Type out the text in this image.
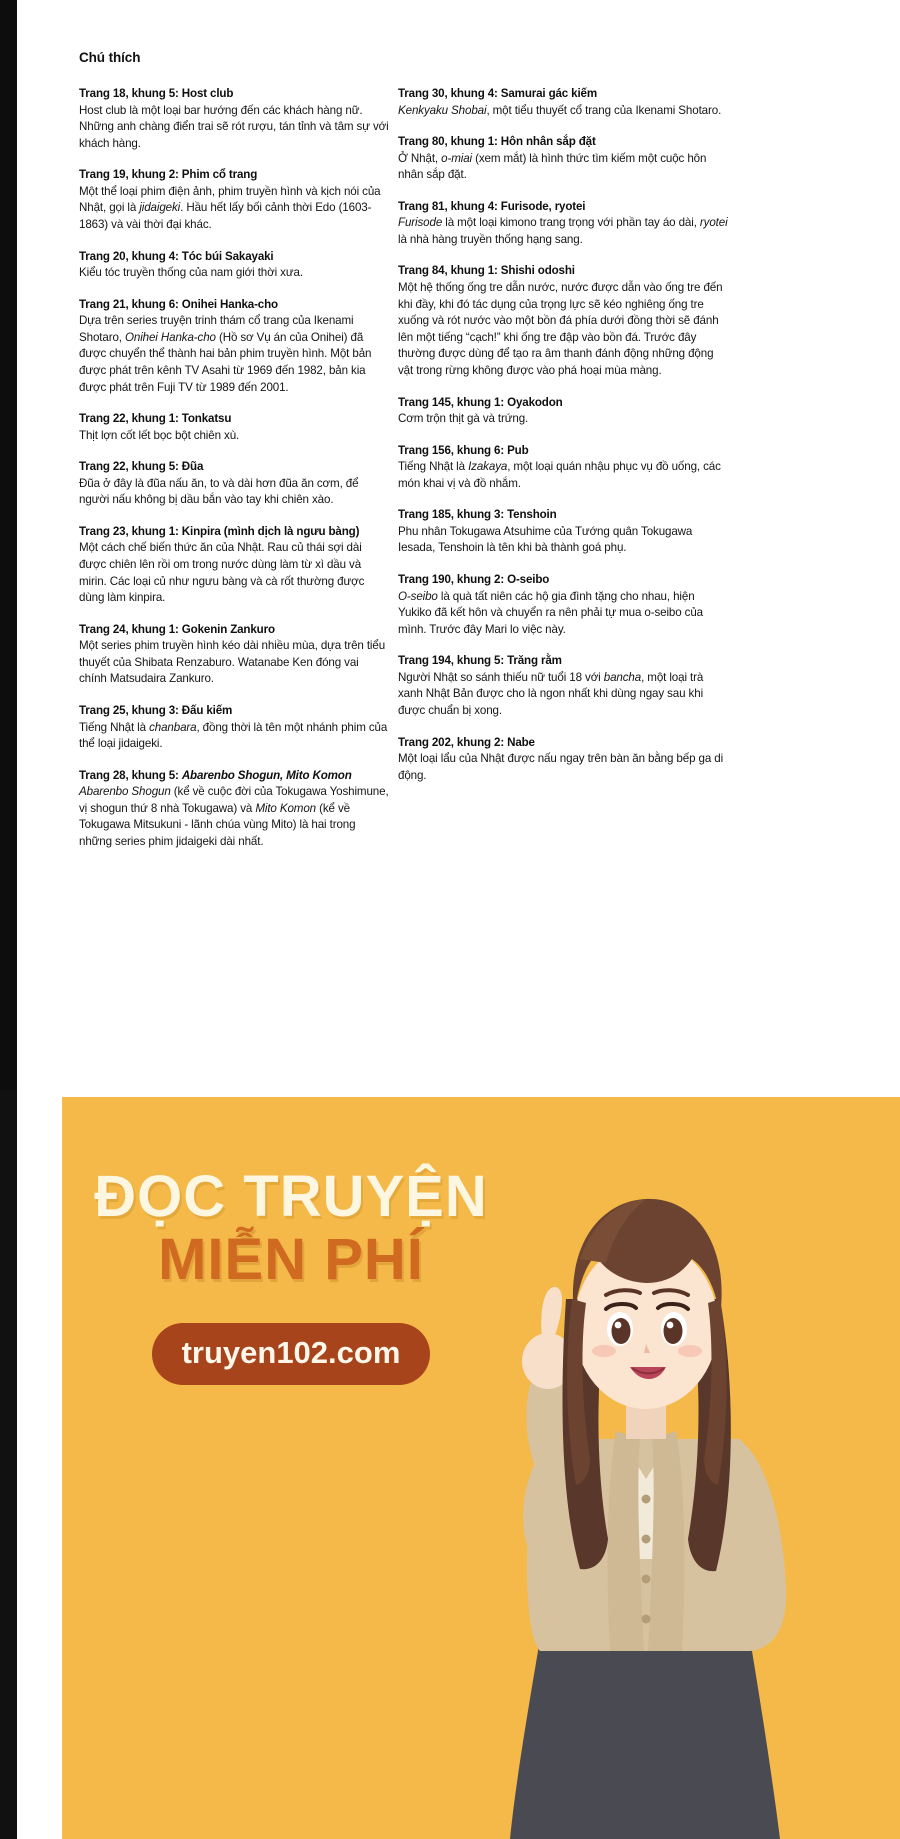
Chú thích
Trang 18, khung 5: Host club
Host club là một loại bar hướng đến các khách hàng nữ. Những anh chàng điển trai sẽ rót rượu, tán tỉnh và tâm sự với khách hàng.
Trang 19, khung 2: Phim cổ trang
Một thể loại phim điện ảnh, phim truyền hình và kịch nói của Nhật, gọi là jidaigeki. Hầu hết lấy bối cảnh thời Edo (1603-1863) và vài thời đại khác.
Trang 20, khung 4: Tóc búi Sakayaki
Kiểu tóc truyền thống của nam giới thời xưa.
Trang 21, khung 6: Onihei Hanka-cho
Dựa trên series truyện trinh thám cổ trang của Ikenami Shotaro, Onihei Hanka-cho (Hồ sơ Vụ án của Onihei) đã được chuyển thể thành hai bản phim truyền hình. Một bản được phát trên kênh TV Asahi từ 1969 đến 1982, bản kia được phát trên Fuji TV từ 1989 đến 2001.
Trang 22, khung 1: Tonkatsu
Thịt lợn cốt lết bọc bột chiên xù.
Trang 22, khung 5: Đũa
Đũa ở đây là đũa nấu ăn, to và dài hơn đũa ăn cơm, để người nấu không bị dầu bắn vào tay khi chiên xào.
Trang 23, khung 1: Kinpira (mình dịch là ngưu bàng)
Một cách chế biến thức ăn của Nhật. Rau củ thái sợi dài được chiên lên rồi om trong nước dùng làm từ xì dầu và mirin. Các loại củ như ngưu bàng và cà rốt thường được dùng làm kinpira.
Trang 24, khung 1: Gokenin Zankuro
Một series phim truyền hình kéo dài nhiều mùa, dựa trên tiểu thuyết của Shibata Renzaburo. Watanabe Ken đóng vai chính Matsudaira Zankuro.
Trang 25, khung 3: Đấu kiếm
Tiếng Nhật là chanbara, đồng thời là tên một nhánh phim của thể loại jidaigeki.
Trang 28, khung 5: Abarenbo Shogun, Mito Komon
Abarenbo Shogun (kể về cuộc đời của Tokugawa Yoshimune, vị shogun thứ 8 nhà Tokugawa) và Mito Komon (kể về Tokugawa Mitsukuni - lãnh chúa vùng Mito) là hai trong những series phim jidaigeki dài nhất.
Trang 30, khung 4: Samurai gác kiếm
Kenkyaku Shobai, một tiểu thuyết cổ trang của Ikenami Shotaro.
Trang 80, khung 1: Hôn nhân sắp đặt
Ở Nhật, o-miai (xem mắt) là hình thức tìm kiếm một cuộc hôn nhân sắp đặt.
Trang 81, khung 4: Furisode, ryotei
Furisode là một loại kimono trang trọng với phần tay áo dài, ryotei là nhà hàng truyền thống hạng sang.
Trang 84, khung 1: Shishi odoshi
Một hệ thống ống tre dẫn nước, nước được dẫn vào ống tre đến khi đầy, khi đó tác dụng của trọng lực sẽ kéo nghiêng ống tre xuống và rót nước vào một bồn đá phía dưới đồng thời sẽ đánh lên một tiếng “cạch!” khi ống tre đập vào bồn đá. Trước đây thường được dùng để tạo ra âm thanh đánh động những động vật trong rừng không được vào phá hoại mùa màng.
Trang 145, khung 1: Oyakodon
Cơm trộn thịt gà và trứng.
Trang 156, khung 6: Pub
Tiếng Nhật là Izakaya, một loại quán nhậu phục vụ đồ uống, các món khai vị và đồ nhắm.
Trang 185, khung 3: Tenshoin
Phu nhân Tokugawa Atsuhime của Tướng quân Tokugawa Iesada, Tenshoin là tên khi bà thành goá phụ.
Trang 190, khung 2: O-seibo
O-seibo là quà tất niên các hộ gia đình tặng cho nhau, hiện Yukiko đã kết hôn và chuyển ra nên phải tự mua o-seibo của mình. Trước đây Mari lo việc này.
Trang 194, khung 5: Trăng rằm
Người Nhật so sánh thiếu nữ tuổi 18 với bancha, một loại trà xanh Nhật Bản được cho là ngon nhất khi dùng ngay sau khi được chuẩn bị xong.
Trang 202, khung 2: Nabe
Một loại lẩu của Nhật được nấu ngay trên bàn ăn bằng bếp ga di động.
ĐỌC TRUYỆN
MIỄN PHÍ
truyen102.com
